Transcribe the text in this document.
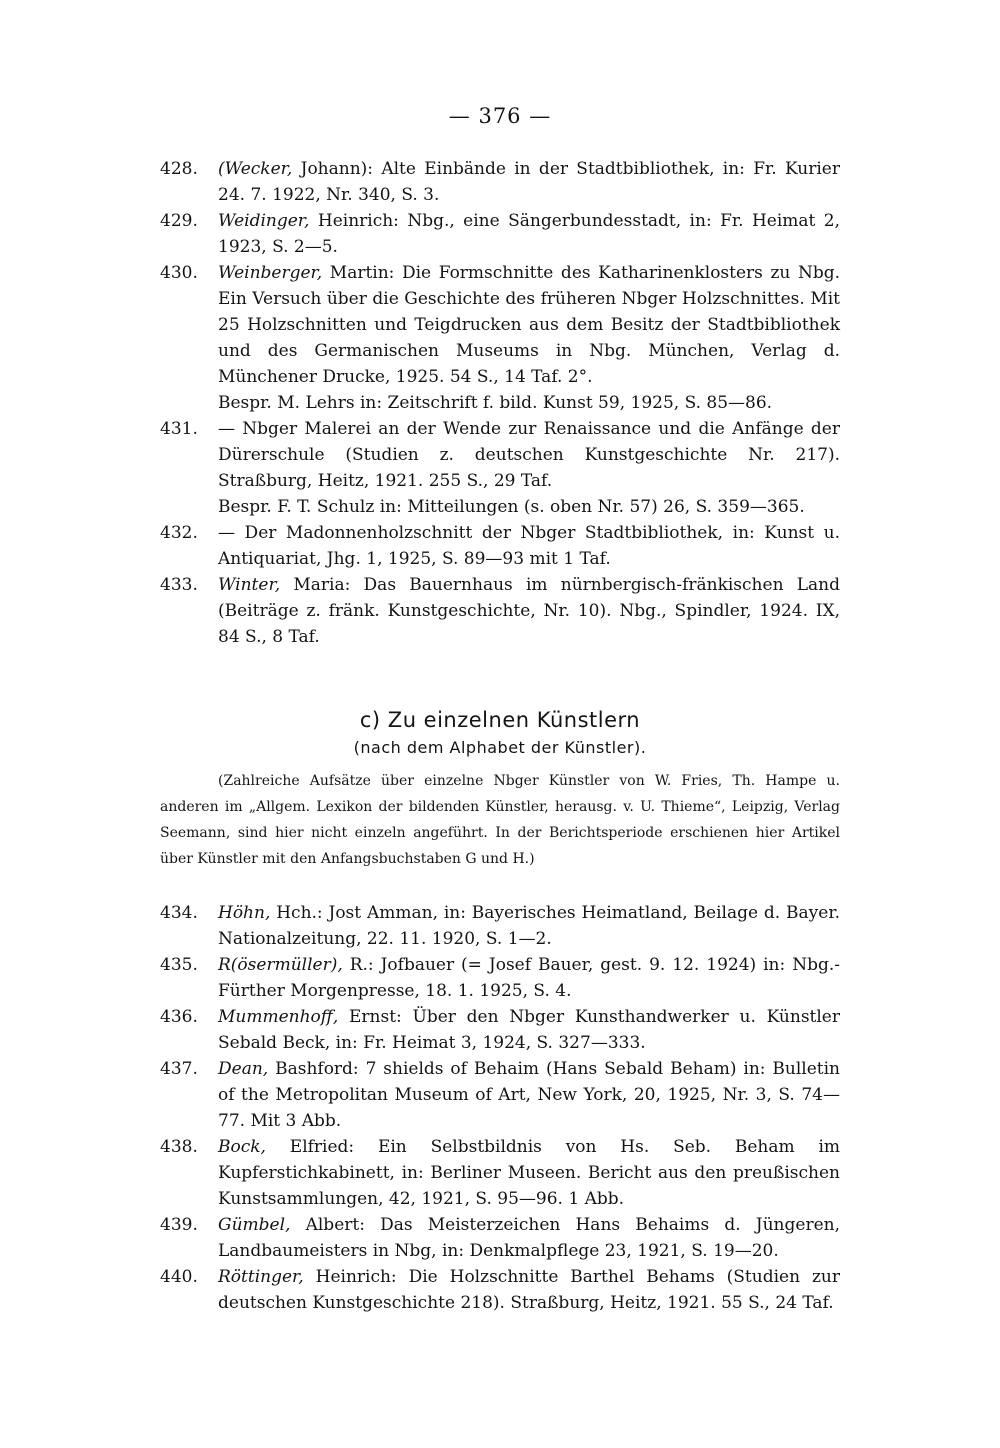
— 376 —
428. (Wecker, Johann): Alte Einbände in der Stadtbibliothek, in: Fr. Kurier 24. 7. 1922, Nr. 340, S. 3.
429. Weidinger, Heinrich: Nbg., eine Sängerbundesstadt, in: Fr. Heimat 2, 1923, S. 2—5.
430. Weinberger, Martin: Die Formschnitte des Katharinenklosters zu Nbg. Ein Versuch über die Geschichte des früheren Nbger Holzschnittes. Mit 25 Holzschnitten und Teigdrucken aus dem Besitz der Stadtbibliothek und des Germanischen Museums in Nbg. München, Verlag d. Münchener Drucke, 1925. 54 S., 14 Taf. 2°.
Bespr. M. Lehrs in: Zeitschrift f. bild. Kunst 59, 1925, S. 85—86.
431. — Nbger Malerei an der Wende zur Renaissance und die Anfänge der Dürerschule (Studien z. deutschen Kunstgeschichte Nr. 217). Straßburg, Heitz, 1921. 255 S., 29 Taf.
Bespr. F. T. Schulz in: Mitteilungen (s. oben Nr. 57) 26, S. 359—365.
432. — Der Madonnenholzschnitt der Nbger Stadtbibliothek, in: Kunst u. Antiquariat, Jhg. 1, 1925, S. 89—93 mit 1 Taf.
433. Winter, Maria: Das Bauernhaus im nürnbergisch-fränkischen Land (Beiträge z. fränk. Kunstgeschichte, Nr. 10). Nbg., Spindler, 1924. IX, 84 S., 8 Taf.
c) Zu einzelnen Künstlern
(nach dem Alphabet der Künstler).
(Zahlreiche Aufsätze über einzelne Nbger Künstler von W. Fries, Th. Hampe u. anderen im „Allgem. Lexikon der bildenden Künstler, herausg. v. U. Thieme“, Leipzig, Verlag Seemann, sind hier nicht einzeln angeführt. In der Berichtsperiode erschienen hier Artikel über Künstler mit den Anfangsbuchstaben G und H.)
434. Höhn, Hch.: Jost Amman, in: Bayerisches Heimatland, Beilage d. Bayer. Nationalzeitung, 22. 11. 1920, S. 1—2.
435. R(ösermüller), R.: Jofbauer (= Josef Bauer, gest. 9. 12. 1924) in: Nbg.-Fürther Morgenpresse, 18. 1. 1925, S. 4.
436. Mummenhoff, Ernst: Über den Nbger Kunsthandwerker u. Künstler Sebald Beck, in: Fr. Heimat 3, 1924, S. 327—333.
437. Dean, Bashford: 7 shields of Behaim (Hans Sebald Beham) in: Bulletin of the Metropolitan Museum of Art, New York, 20, 1925, Nr. 3, S. 74—77. Mit 3 Abb.
438. Bock, Elfried: Ein Selbstbildnis von Hs. Seb. Beham im Kupferstichkabinett, in: Berliner Museen. Bericht aus den preußischen Kunstsammlungen, 42, 1921, S. 95—96. 1 Abb.
439. Gümbel, Albert: Das Meisterzeichen Hans Behaims d. Jüngeren, Landbaumeisters in Nbg, in: Denkmalpflege 23, 1921, S. 19—20.
440. Röttinger, Heinrich: Die Holzschnitte Barthel Behams (Studien zur deutschen Kunstgeschichte 218). Straßburg, Heitz, 1921. 55 S., 24 Taf.
